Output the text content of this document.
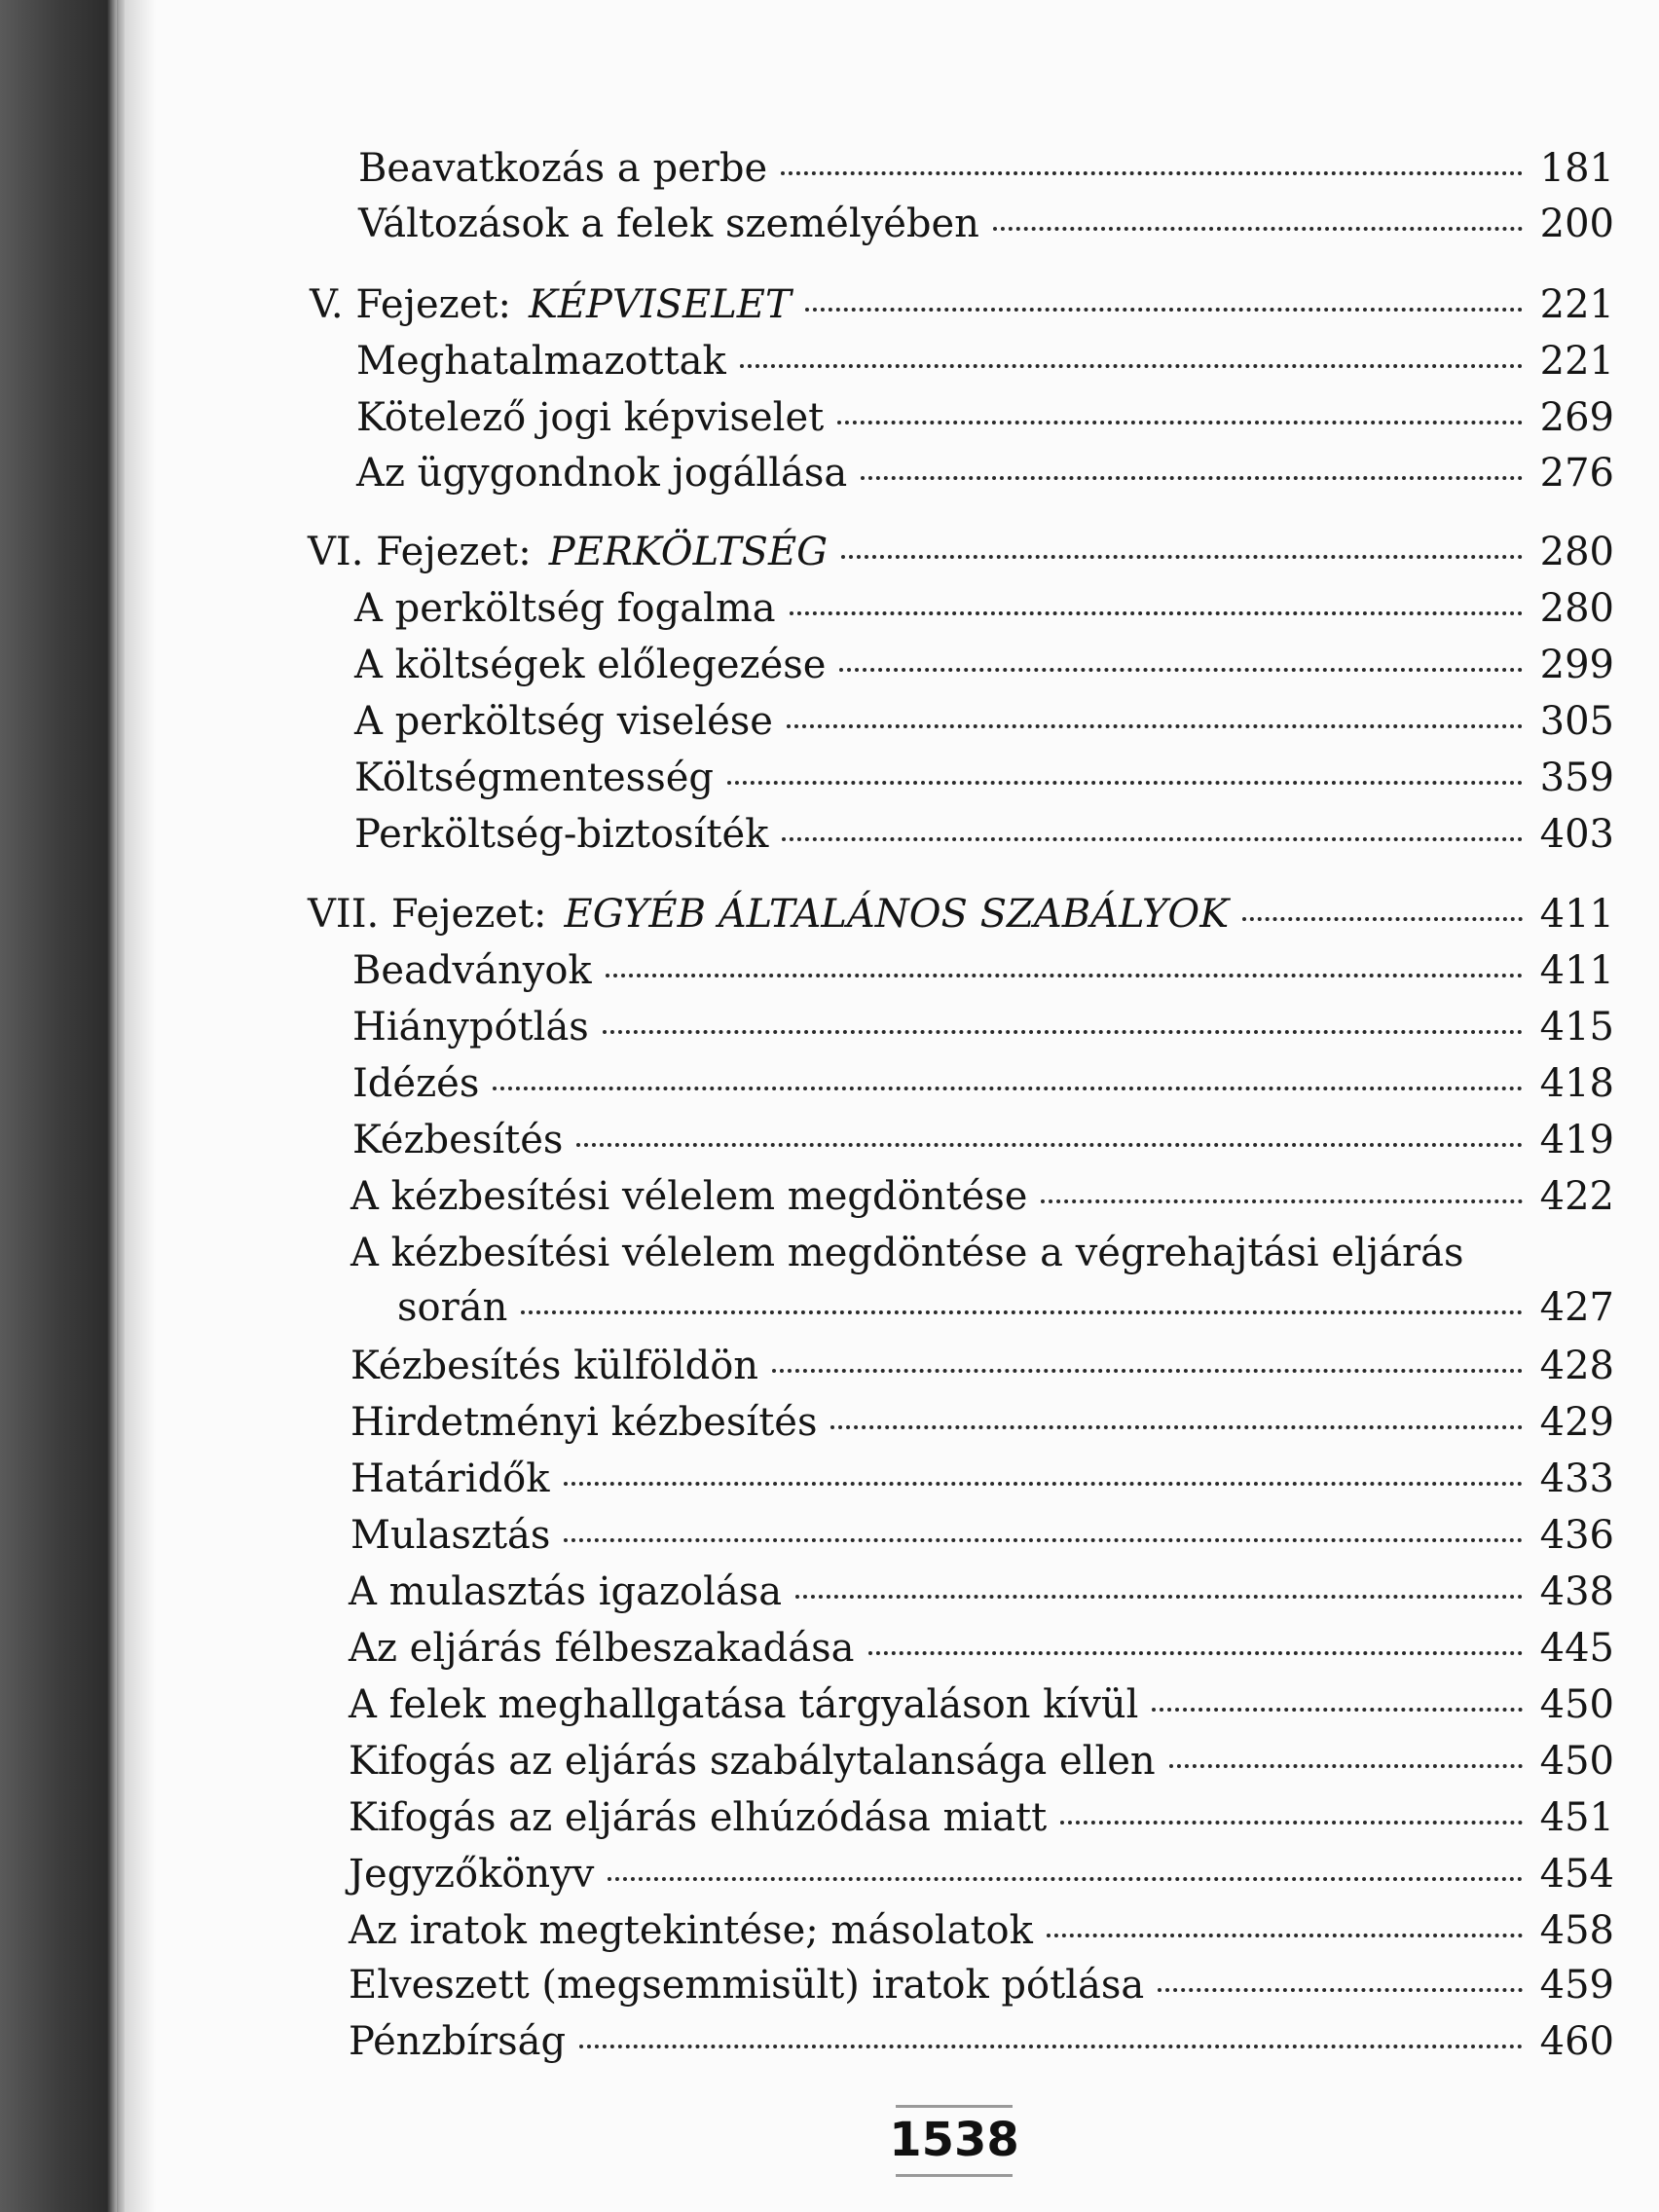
Beavatkozás a perbe	181
Változások a felek személyében	200
V. Fejezet: KÉPVISELET	221
Meghatalmazottak	221
Kötelező jogi képviselet	269
Az ügygondnok jogállása	276
VI. Fejezet: PERKÖLTSÉG	280
A perköltség fogalma	280
A költségek előlegezése	299
A perköltség viselése	305
Költségmentesség	359
Perköltség-biztosíték	403
VII. Fejezet: EGYÉB ÁLTALÁNOS SZABÁLYOK	411
Beadványok	411
Hiánypótlás	415
Idézés	418
Kézbesítés	419
A kézbesítési vélelem megdöntése	422
A kézbesítési vélelem megdöntése a végrehajtási eljárás
során	427
Kézbesítés külföldön	428
Hirdetményi kézbesítés	429
Határidők	433
Mulasztás	436
A mulasztás igazolása	438
Az eljárás félbeszakadása	445
A felek meghallgatása tárgyaláson kívül	450
Kifogás az eljárás szabálytalansága ellen	450
Kifogás az eljárás elhúzódása miatt	451
Jegyzőkönyv	454
Az iratok megtekintése; másolatok	458
Elveszett (megsemmisült) iratok pótlása	459
Pénzbírság	460
1538
